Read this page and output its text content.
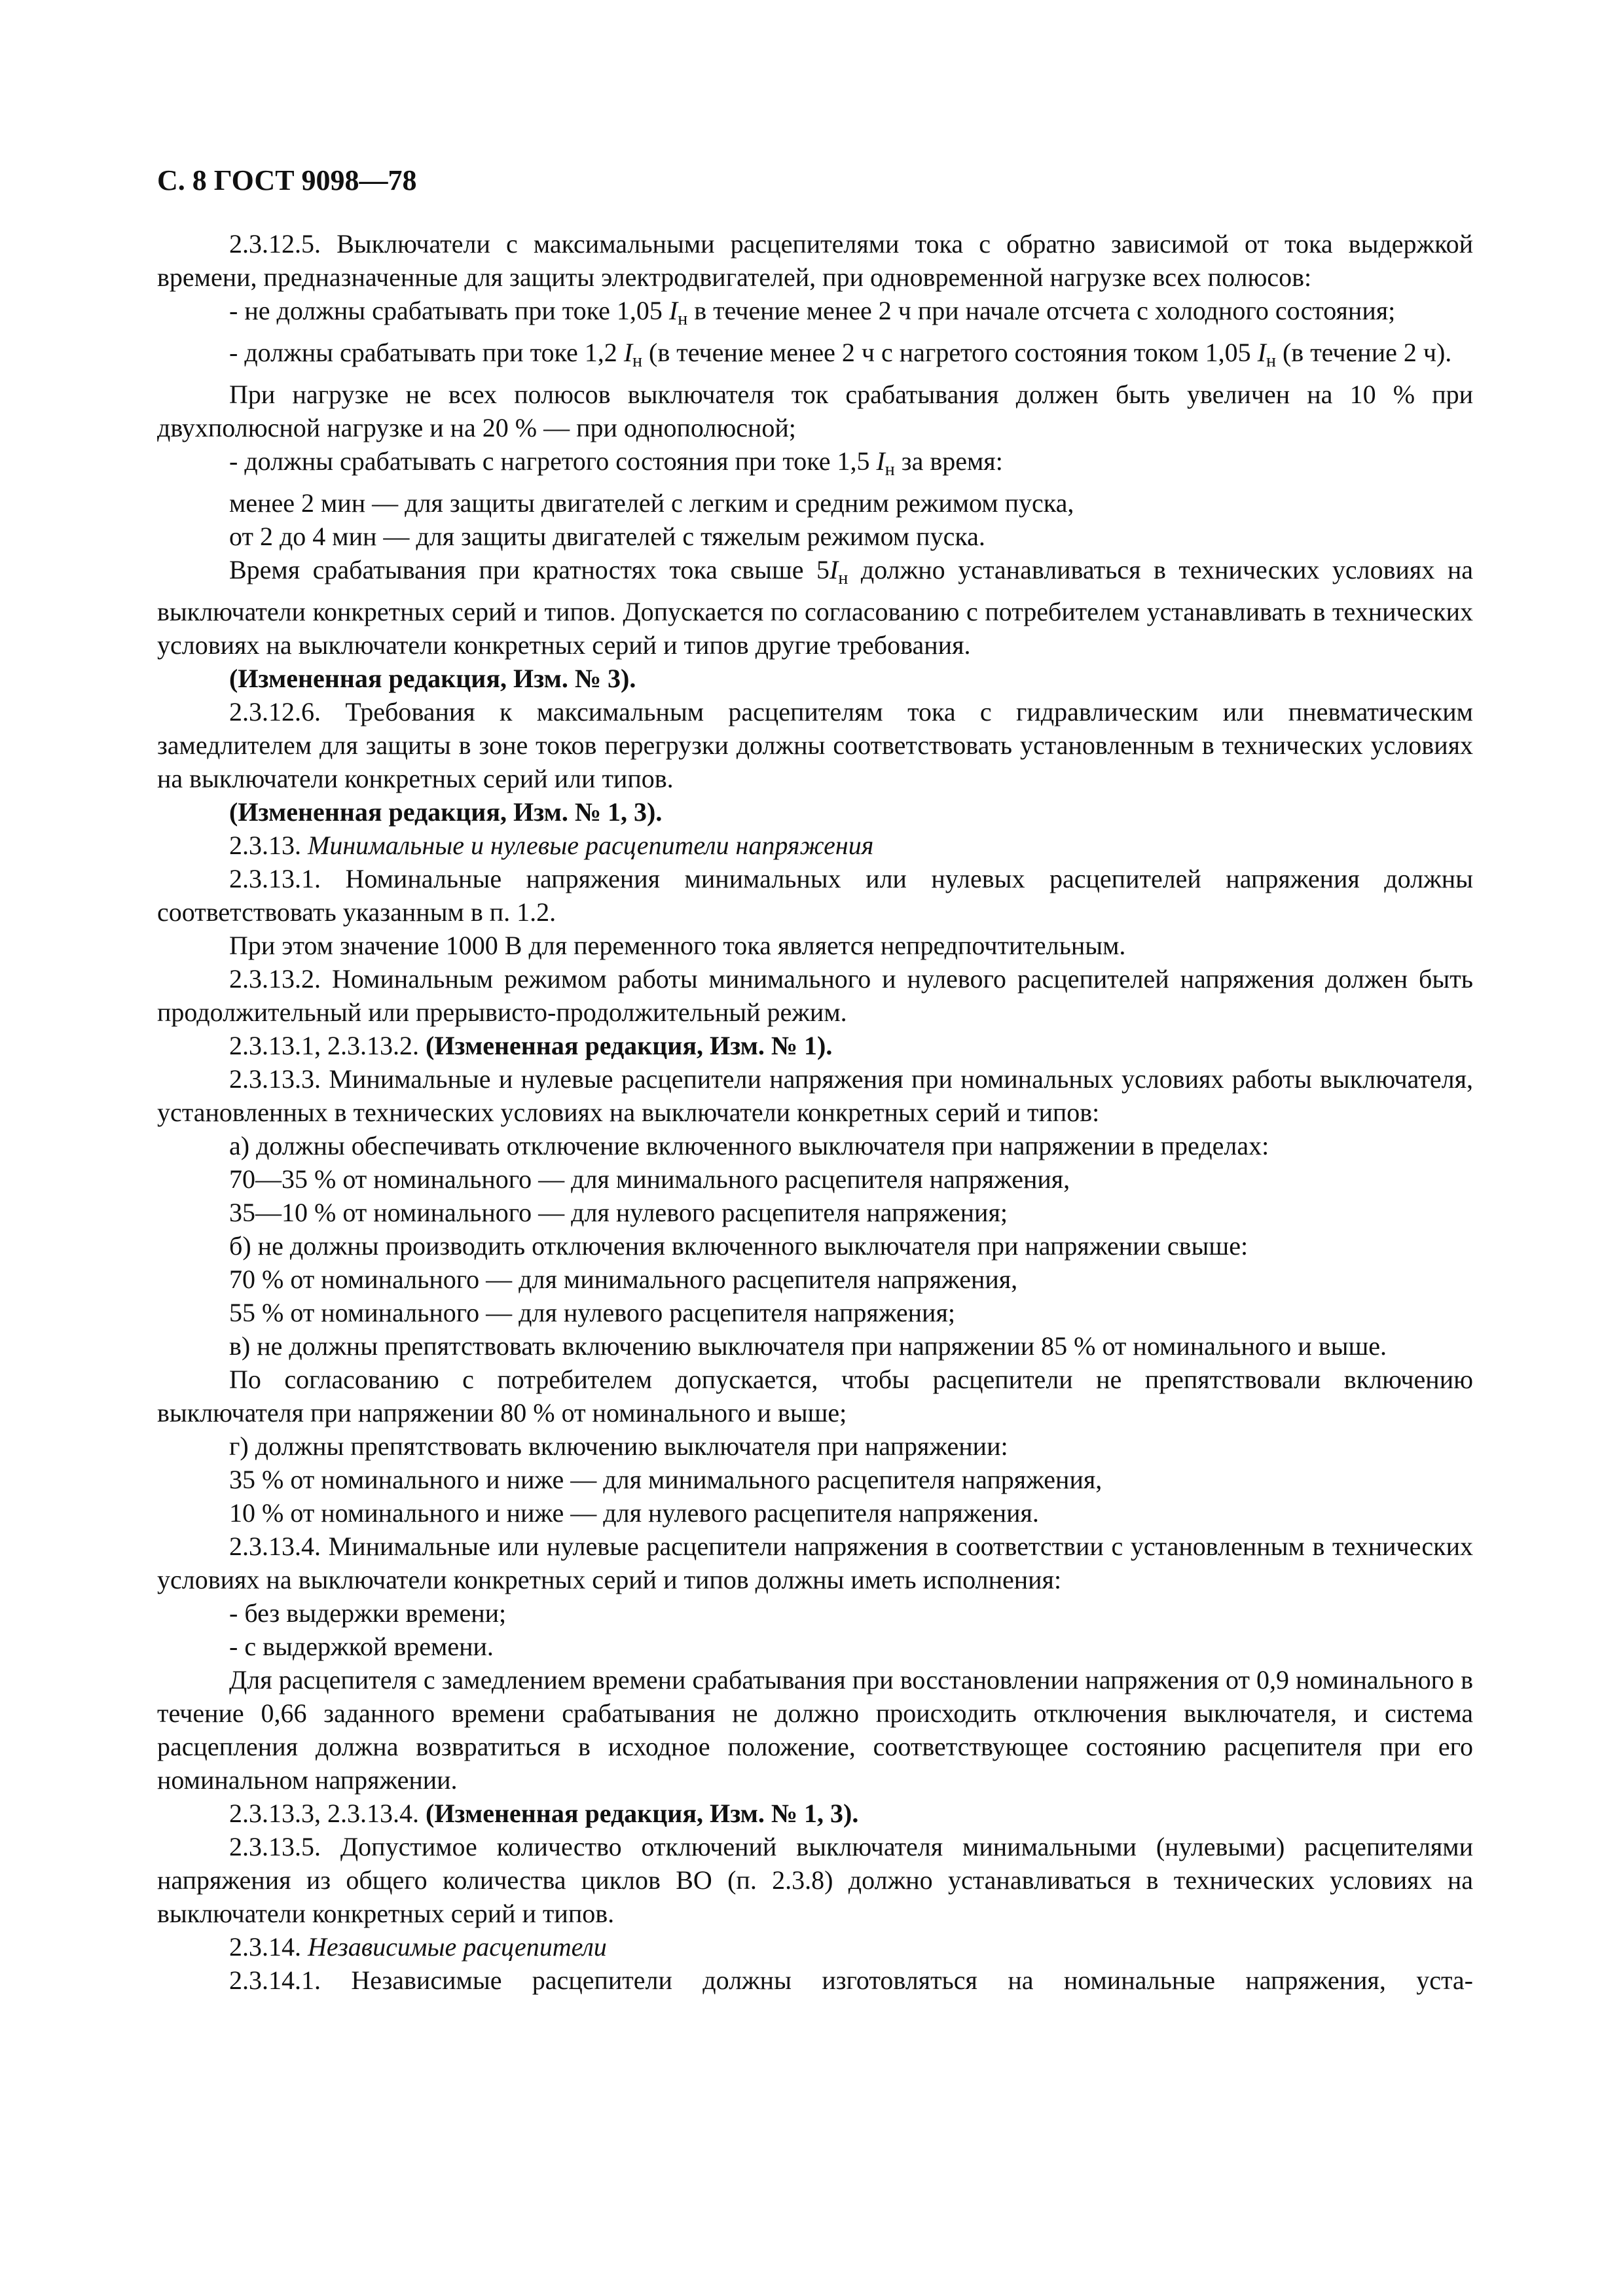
С. 8 ГОСТ 9098—78
2.3.12.5. Выключатели с максимальными расцепителями тока с обратно зависимой от тока выдержкой времени, предназначенные для защиты электродвигателей, при одновременной нагрузке всех полюсов:
- не должны срабатывать при токе 1,05 $I_н$ в течение менее 2 ч при начале отсчета с холодного состояния;
- должны срабатывать при токе 1,2 $I_н$ (в течение менее 2 ч с нагретого состояния током 1,05 $I_н$ (в течение 2 ч).
При нагрузке не всех полюсов выключателя ток срабатывания должен быть увеличен на 10 % при двухполюсной нагрузке и на 20 % — при однополюсной;
- должны срабатывать с нагретого состояния при токе 1,5 $I_н$ за время:
менее 2 мин — для защиты двигателей с легким и средним режимом пуска,
от 2 до 4 мин — для защиты двигателей с тяжелым режимом пуска.
Время срабатывания при кратностях тока свыше $5I_н$ должно устанавливаться в технических условиях на выключатели конкретных серий и типов. Допускается по согласованию с потребителем устанавливать в технических условиях на выключатели конкретных серий и типов другие требования.
(Измененная редакция, Изм. № 3).
2.3.12.6. Требования к максимальным расцепителям тока с гидравлическим или пневматическим замедлителем для защиты в зоне токов перегрузки должны соответствовать установленным в технических условиях на выключатели конкретных серий или типов.
(Измененная редакция, Изм. № 1, 3).
2.3.13. Минимальные и нулевые расцепители напряжения
2.3.13.1. Номинальные напряжения минимальных или нулевых расцепителей напряжения должны соответствовать указанным в п. 1.2.
При этом значение 1000 В для переменного тока является непредпочтительным.
2.3.13.2. Номинальным режимом работы минимального и нулевого расцепителей напряжения должен быть продолжительный или прерывисто-продолжительный режим.
2.3.13.1, 2.3.13.2. (Измененная редакция, Изм. № 1).
2.3.13.3. Минимальные и нулевые расцепители напряжения при номинальных условиях работы выключателя, установленных в технических условиях на выключатели конкретных серий и типов:
а) должны обеспечивать отключение включенного выключателя при напряжении в пределах:
70—35 % от номинального — для минимального расцепителя напряжения,
35—10 % от номинального — для нулевого расцепителя напряжения;
б) не должны производить отключения включенного выключателя при напряжении свыше:
70 % от номинального — для минимального расцепителя напряжения,
55 % от номинального — для нулевого расцепителя напряжения;
в) не должны препятствовать включению выключателя при напряжении 85 % от номинального и выше.
По согласованию с потребителем допускается, чтобы расцепители не препятствовали включению выключателя при напряжении 80 % от номинального и выше;
г) должны препятствовать включению выключателя при напряжении:
35 % от номинального и ниже — для минимального расцепителя напряжения,
10 % от номинального и ниже — для нулевого расцепителя напряжения.
2.3.13.4. Минимальные или нулевые расцепители напряжения в соответствии с установленным в технических условиях на выключатели конкретных серий и типов должны иметь исполнения:
- без выдержки времени;
- с выдержкой времени.
Для расцепителя с замедлением времени срабатывания при восстановлении напряжения от 0,9 номинального в течение 0,66 заданного времени срабатывания не должно происходить отключения выключателя, и система расцепления должна возвратиться в исходное положение, соответствующее состоянию расцепителя при его номинальном напряжении.
2.3.13.3, 2.3.13.4. (Измененная редакция, Изм. № 1, 3).
2.3.13.5. Допустимое количество отключений выключателя минимальными (нулевыми) расцепителями напряжения из общего количества циклов ВО (п. 2.3.8) должно устанавливаться в технических условиях на выключатели конкретных серий и типов.
2.3.14. Независимые расцепители
2.3.14.1. Независимые расцепители должны изготовляться на номинальные напряжения, уста-
